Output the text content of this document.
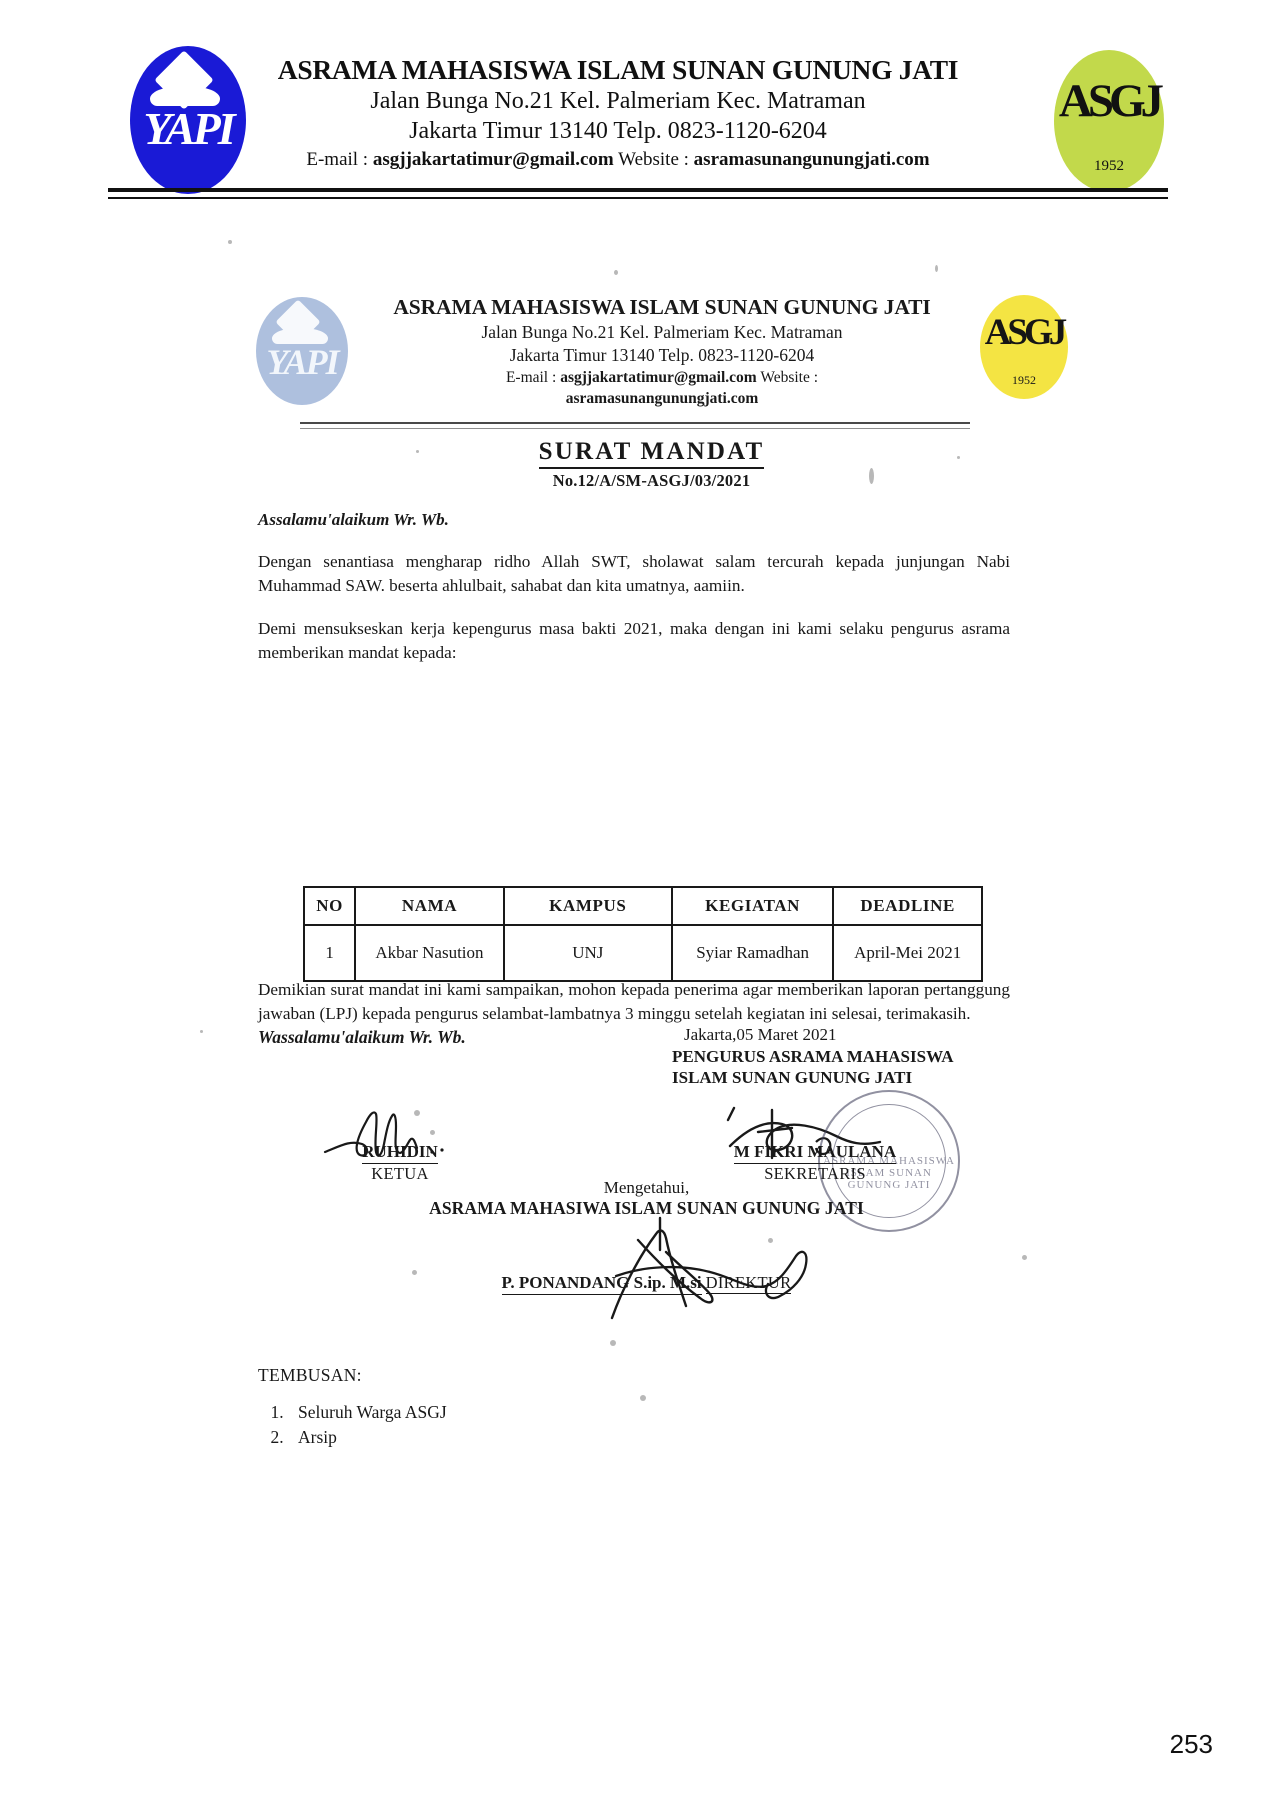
YAPI
ASRAMA MAHASISWA ISLAM SUNAN GUNUNG JATI
Jalan Bunga No.21 Kel. Palmeriam Kec. Matraman
Jakarta Timur 13140 Telp. 0823-1120-6204
E-mail : asgjjakartatimur@gmail.com Website : asramasunangunungjati.com
ASGJ
1952
YAPI
ASRAMA MAHASISWA ISLAM SUNAN GUNUNG JATI
Jalan Bunga No.21 Kel. Palmeriam Kec. Matraman
Jakarta Timur 13140 Telp. 0823-1120-6204
E-mail : asgjjakartatimur@gmail.com Website :
asramasunangunungjati.com
ASGJ
1952
SURAT MANDAT
No.12/A/SM-ASGJ/03/2021

Assalamu'alaikum Wr. Wb.

Dengan senantiasa mengharap ridho Allah SWT, sholawat salam tercurah kepada junjungan Nabi Muhammad SAW. beserta ahlulbait, sahabat dan kita umatnya, aamiin.

Demi mensukseskan kerja kepengurus masa bakti 2021, maka dengan ini kami selaku pengurus asrama memberikan mandat kepada:

NO	NAMA	KAMPUS	KEGIATAN	DEADLINE
1	Akbar Nasution	UNJ	Syiar Ramadhan	April-Mei 2021

Demikian surat mandat ini kami sampaikan, mohon kepada penerima agar memberikan laporan pertanggung jawaban (LPJ) kepada pengurus selambat-lambatnya 3 minggu setelah kegiatan ini selesai, terimakasih.

Wassalamu'alaikum Wr. Wb.	Jakarta,05 Maret 2021

PENGURUS ASRAMA MAHASISWA

ISLAM SUNAN GUNUNG JATI

ASRAMA MAHASISWA ISLAM SUNAN GUNUNG JATI
RUHIDIN
KETUA
M FIKRI MAULANA
SEKRETARIS
Mengetahui,
ASRAMA MAHASIWA ISLAM SUNAN GUNUNG JATI
P. PONANDANG S.ip. M.si DIREKTUR

TEMBUSAN:

1. Seluruh Warga ASGJ
2. Arsip
253
